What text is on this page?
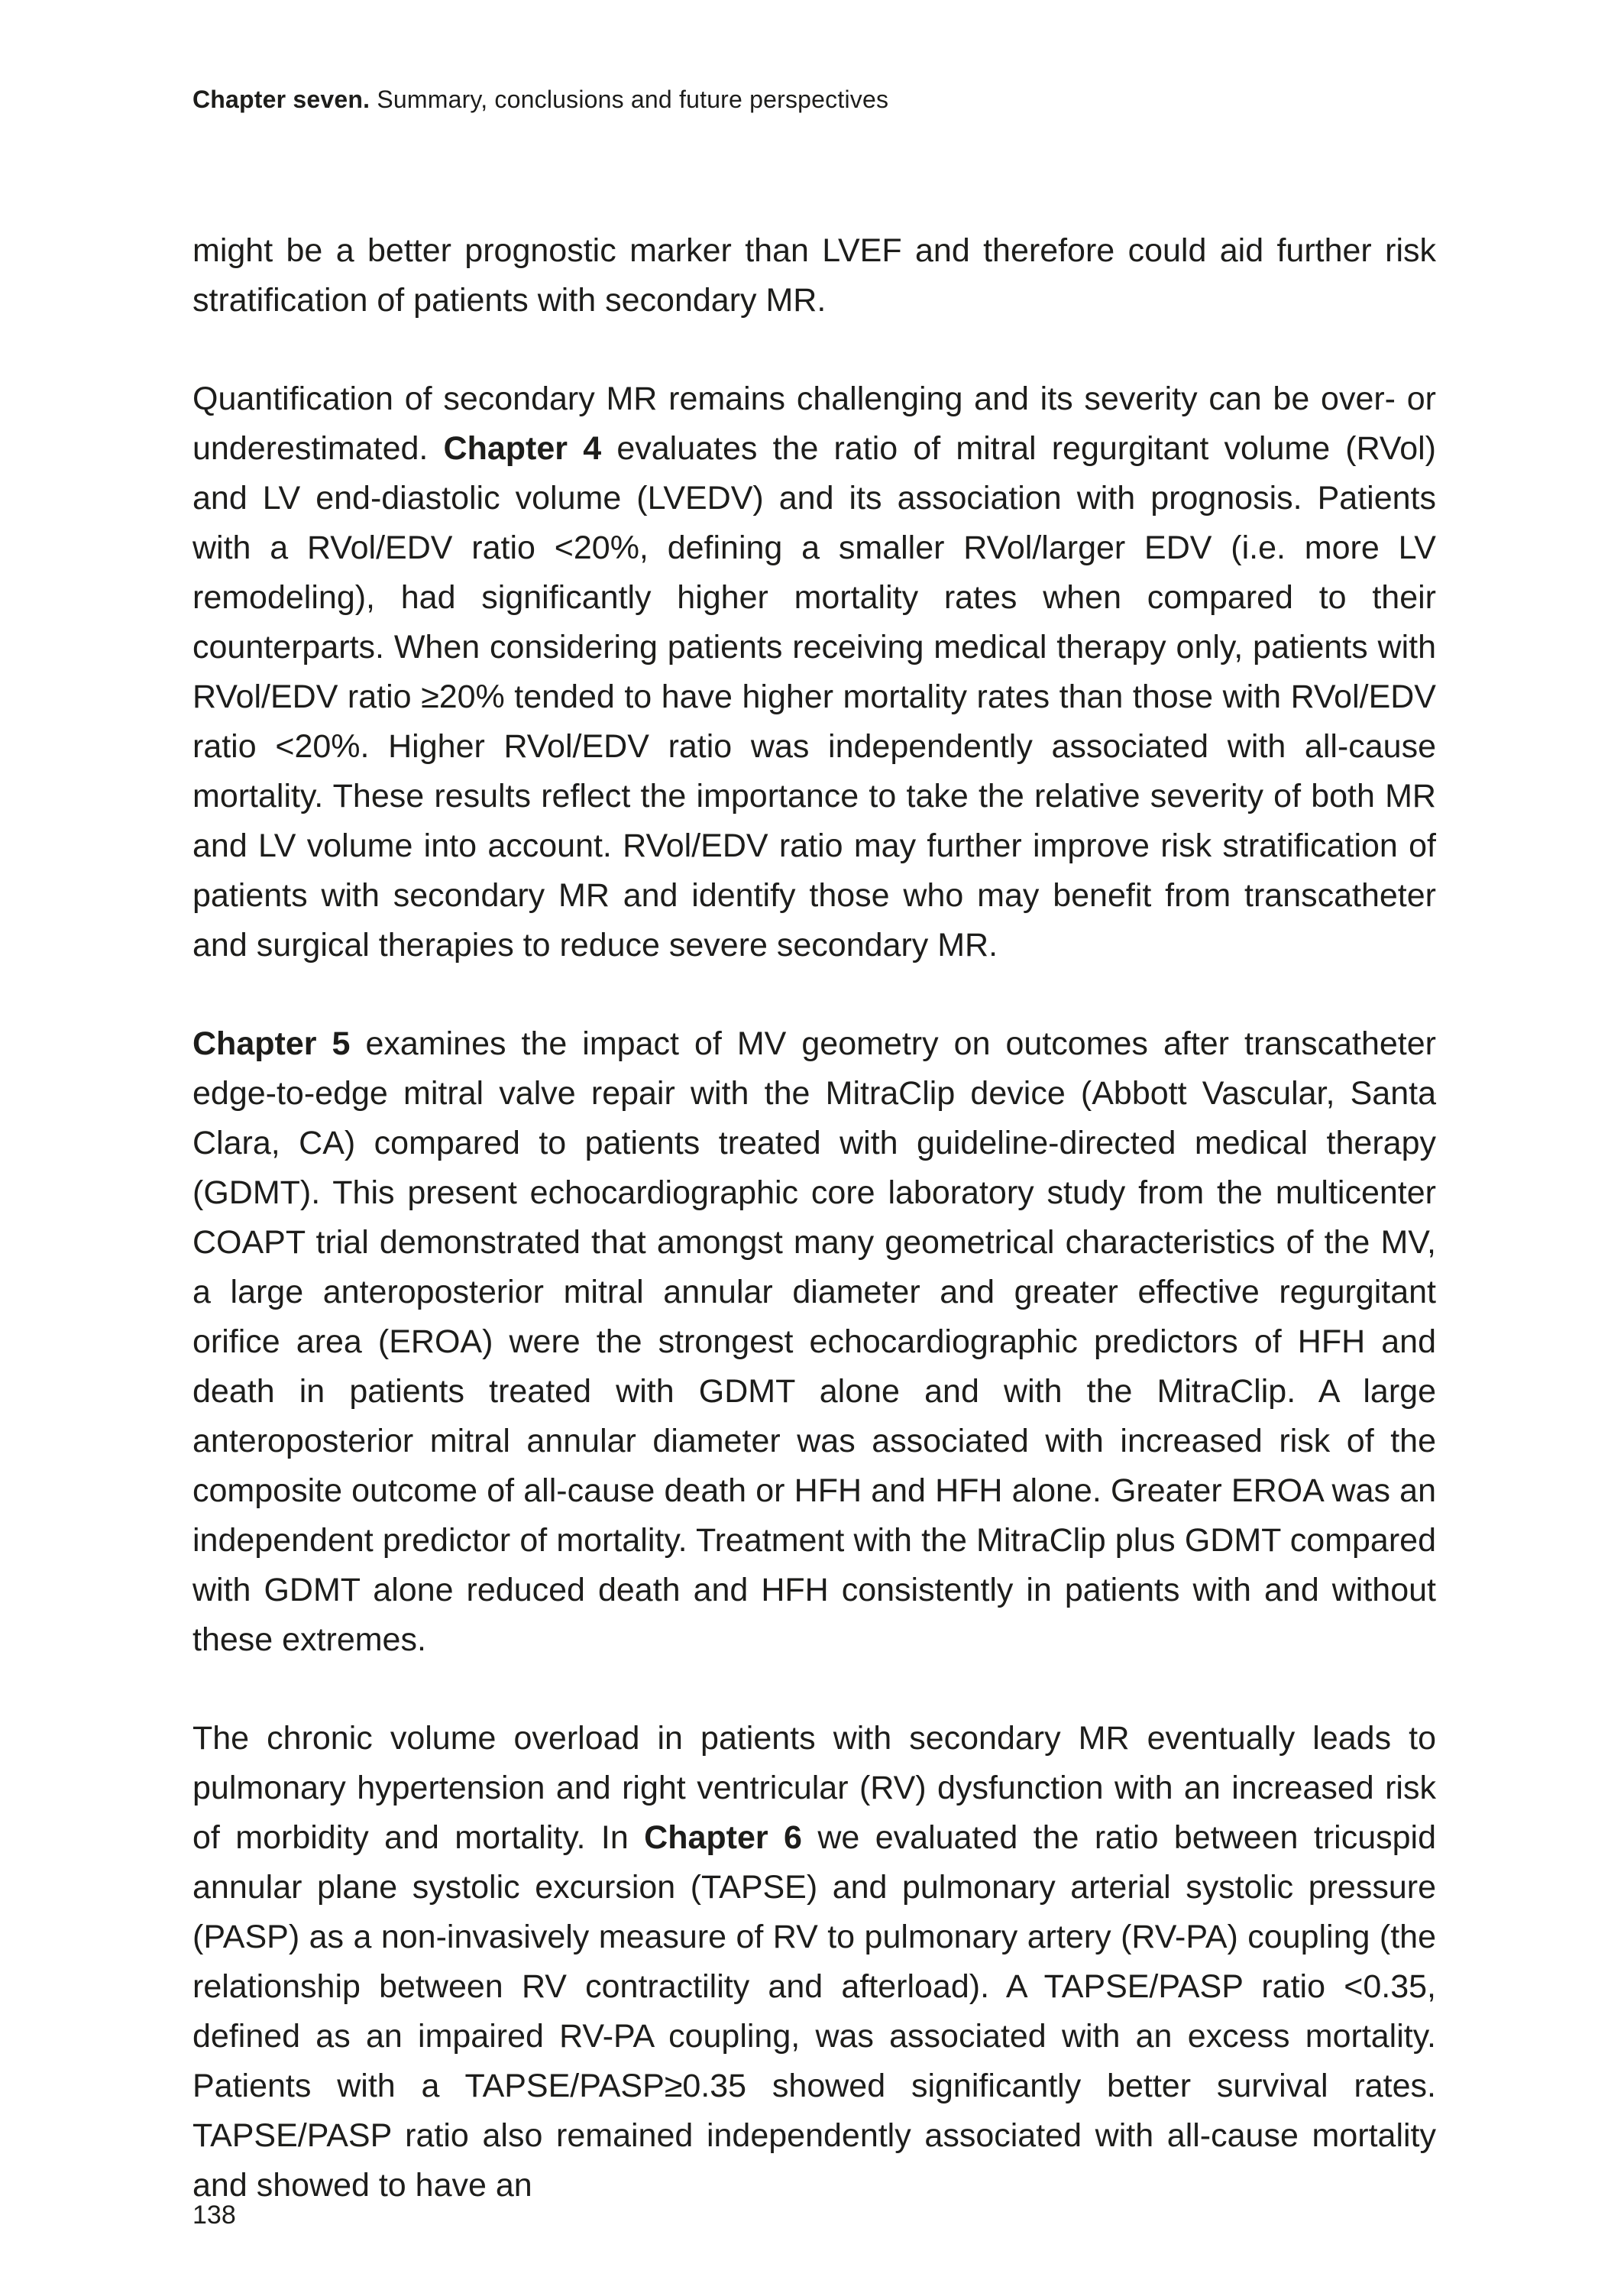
Chapter seven. Summary, conclusions and future perspectives

might be a better prognostic marker than LVEF and therefore could aid further risk stratification of patients with secondary MR.

Quantification of secondary MR remains challenging and its severity can be over- or underestimated. Chapter 4 evaluates the ratio of mitral regurgitant volume (RVol) and LV end-diastolic volume (LVEDV) and its association with prognosis. Patients with a RVol/EDV ratio <20%, defining a smaller RVol/larger EDV (i.e. more LV remodeling), had significantly higher mortality rates when compared to their counterparts. When considering patients receiving medical therapy only, patients with RVol/EDV ratio ≥20% tended to have higher mortality rates than those with RVol/EDV ratio <20%. Higher RVol/EDV ratio was independently associated with all-cause mortality. These results reflect the importance to take the relative severity of both MR and LV volume into account. RVol/EDV ratio may further improve risk stratification of patients with secondary MR and identify those who may benefit from transcatheter and surgical therapies to reduce severe secondary MR.

Chapter 5 examines the impact of MV geometry on outcomes after transcatheter edge-to-edge mitral valve repair with the MitraClip device (Abbott Vascular, Santa Clara, CA) compared to patients treated with guideline-directed medical therapy (GDMT). This present echocardiographic core laboratory study from the multicenter COAPT trial demonstrated that amongst many geometrical characteristics of the MV, a large anteroposterior mitral annular diameter and greater effective regurgitant orifice area (EROA) were the strongest echocardiographic predictors of HFH and death in patients treated with GDMT alone and with the MitraClip. A large anteroposterior mitral annular diameter was associated with increased risk of the composite outcome of all-cause death or HFH and HFH alone. Greater EROA was an independent predictor of mortality. Treatment with the MitraClip plus GDMT compared with GDMT alone reduced death and HFH consistently in patients with and without these extremes.

The chronic volume overload in patients with secondary MR eventually leads to pulmonary hypertension and right ventricular (RV) dysfunction with an increased risk of morbidity and mortality. In Chapter 6 we evaluated the ratio between tricuspid annular plane systolic excursion (TAPSE) and pulmonary arterial systolic pressure (PASP) as a non-invasively measure of RV to pulmonary artery (RV-PA) coupling (the relationship between RV contractility and afterload). A TAPSE/PASP ratio <0.35, defined as an impaired RV-PA coupling, was associated with an excess mortality. Patients with a TAPSE/PASP≥0.35 showed significantly better survival rates. TAPSE/PASP ratio also remained independently associated with all-cause mortality and showed to have an

138
